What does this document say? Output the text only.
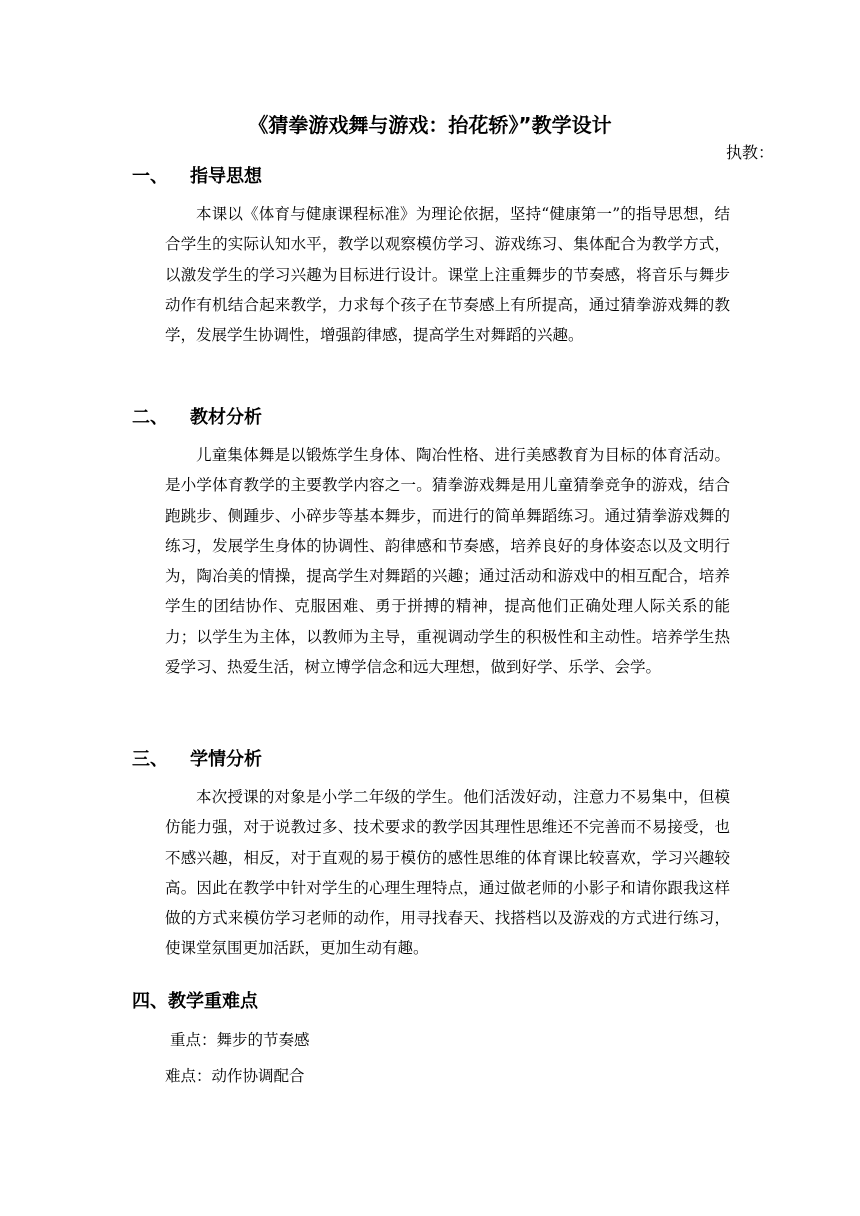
《猜拳游戏舞与游戏：抬花轿》”教学设计
执教：
一、 指导思想

本课以《体育与健康课程标准》为理论依据，坚持“健康第一”的指导思想，结合学生的实际认知水平，教学以观察模仿学习、游戏练习、集体配合为教学方式，以激发学生的学习兴趣为目标进行设计。课堂上注重舞步的节奏感，将音乐与舞步动作有机结合起来教学，力求每个孩子在节奏感上有所提高，通过猜拳游戏舞的教学，发展学生协调性，增强韵律感，提高学生对舞蹈的兴趣。

二、 教材分析

儿童集体舞是以锻炼学生身体、陶冶性格、进行美感教育为目标的体育活动。是小学体育教学的主要教学内容之一。猜拳游戏舞是用儿童猜拳竞争的游戏，结合跑跳步、侧踵步、小碎步等基本舞步，而进行的简单舞蹈练习。通过猜拳游戏舞的练习，发展学生身体的协调性、韵律感和节奏感，培养良好的身体姿态以及文明行为，陶冶美的情操，提高学生对舞蹈的兴趣；通过活动和游戏中的相互配合，培养学生的团结协作、克服困难、勇于拼搏的精神，提高他们正确处理人际关系的能力；以学生为主体，以教师为主导，重视调动学生的积极性和主动性。培养学生热爱学习、热爱生活，树立博学信念和远大理想，做到好学、乐学、会学。

三、 学情分析

本次授课的对象是小学二年级的学生。他们活泼好动，注意力不易集中，但模仿能力强，对于说教过多、技术要求的教学因其理性思维还不完善而不易接受，也不感兴趣，相反，对于直观的易于模仿的感性思维的体育课比较喜欢，学习兴趣较高。因此在教学中针对学生的心理生理特点，通过做老师的小影子和请你跟我这样做的方式来模仿学习老师的动作，用寻找春天、找搭档以及游戏的方式进行练习，使课堂氛围更加活跃，更加生动有趣。

四、教学重难点
重点：舞步的节奏感
难点：动作协调配合
